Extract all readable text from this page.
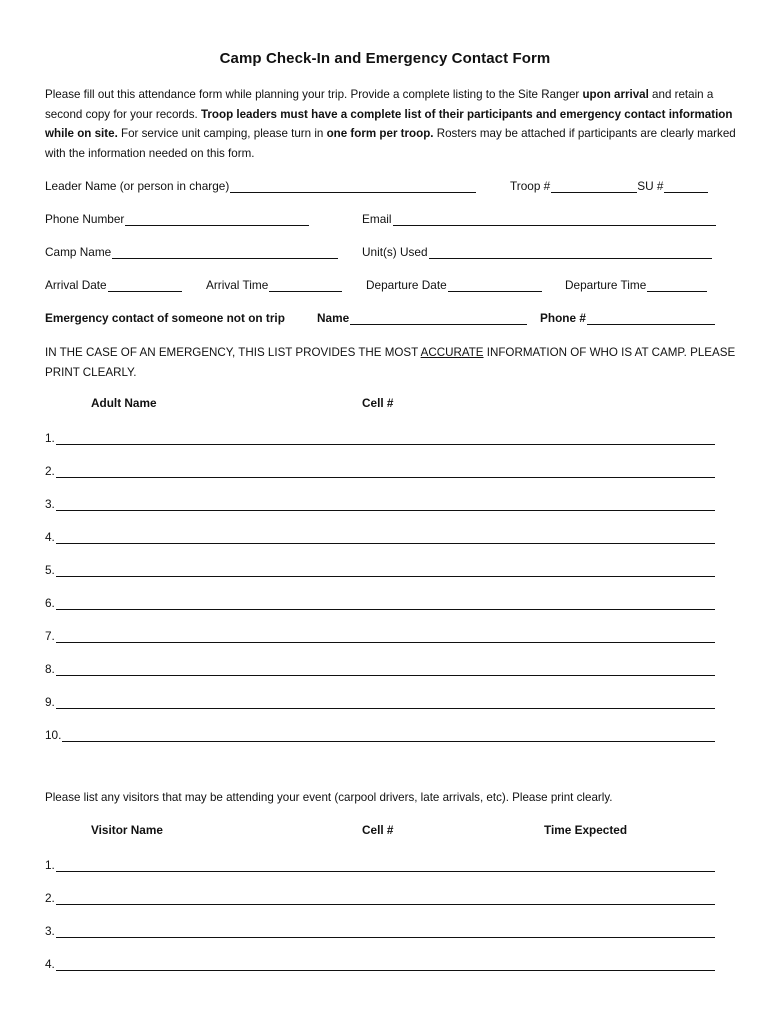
Camp Check-In and Emergency Contact Form
Please fill out this attendance form while planning your trip. Provide a complete listing to the Site Ranger upon arrival and retain a second copy for your records. Troop leaders must have a complete list of their participants and emergency contact information while on site. For service unit camping, please turn in one form per troop. Rosters may be attached if participants are clearly marked with the information needed on this form.
Leader Name (or person in charge)	Troop #	SU #
Phone Number	Email
Camp Name	Unit(s) Used
Arrival Date	Arrival Time	Departure Date	Departure Time
Emergency contact of someone not on trip	Name	Phone #
IN THE CASE OF AN EMERGENCY, THIS LIST PROVIDES THE MOST ACCURATE INFORMATION OF WHO IS AT CAMP. PLEASE PRINT CLEARLY.
Adult Name	Cell #
1.
2.
3.
4.
5.
6.
7.
8.
9.
10.
Please list any visitors that may be attending your event (carpool drivers, late arrivals, etc). Please print clearly.
Visitor Name	Cell #	Time Expected
1.
2.
3.
4.
